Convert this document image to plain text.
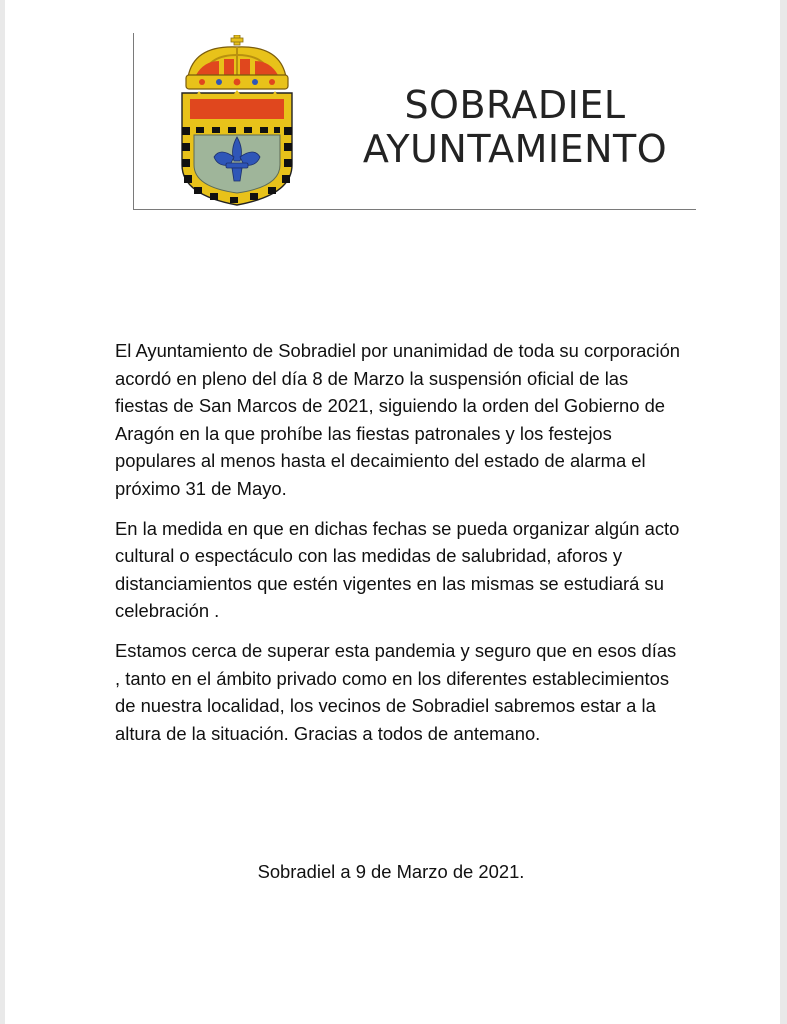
SOBRADIEL
AYUNTAMIENTO

El Ayuntamiento de Sobradiel por unanimidad de toda su corporación acordó en pleno del día 8 de Marzo la suspensión oficial de las fiestas de San Marcos de 2021, siguiendo la orden del Gobierno de Aragón en la que prohíbe las fiestas patronales y los festejos populares al menos hasta el decaimiento del estado de alarma el próximo 31 de Mayo.

En la medida en que en dichas fechas se pueda organizar algún acto cultural o espectáculo con las medidas de salubridad, aforos y distanciamientos que estén vigentes en las mismas se estudiará su celebración .

Estamos cerca de superar esta pandemia y seguro que en esos días , tanto en el ámbito privado como en los diferentes establecimientos de nuestra localidad, los vecinos de Sobradiel sabremos estar a la altura de la situación. Gracias a todos de antemano.

Sobradiel a 9 de Marzo de 2021.
